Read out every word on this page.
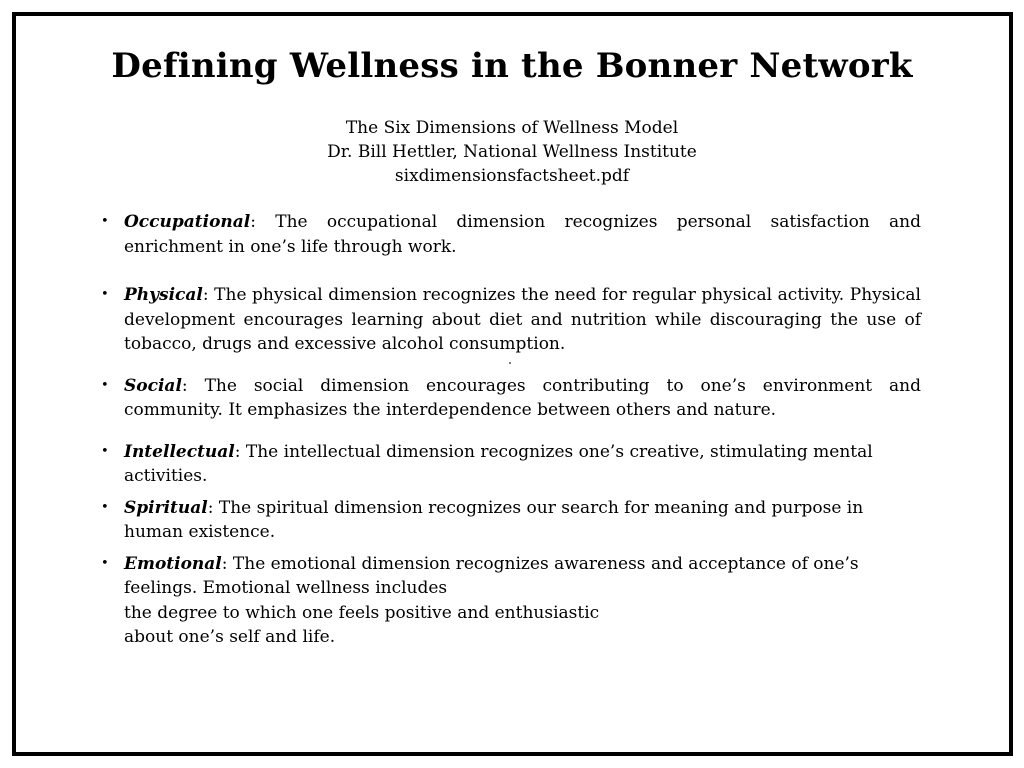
Defining Wellness in the Bonner Network
The Six Dimensions of Wellness Model
Dr. Bill Hettler, National Wellness Institute
sixdimensionsfactsheet.pdf
• Occupational: The occupational dimension recognizes personal satisfaction and enrichment in one’s life through work.
• Physical: The physical dimension recognizes the need for regular physical activity. Physical development encourages learning about diet and nutrition while discouraging the use of tobacco, drugs and excessive alcohol consumption.
• Social: The social dimension encourages contributing to one’s environment and community. It emphasizes the interdependence between others and nature.
• Intellectual: The intellectual dimension recognizes one’s creative, stimulating mental activities.
• Spiritual: The spiritual dimension recognizes our search for meaning and purpose in human existence.
• Emotional: The emotional dimension recognizes awareness and acceptance of one’s feelings. Emotional wellness includes
the degree to which one feels positive and enthusiastic
about one’s self and life.
